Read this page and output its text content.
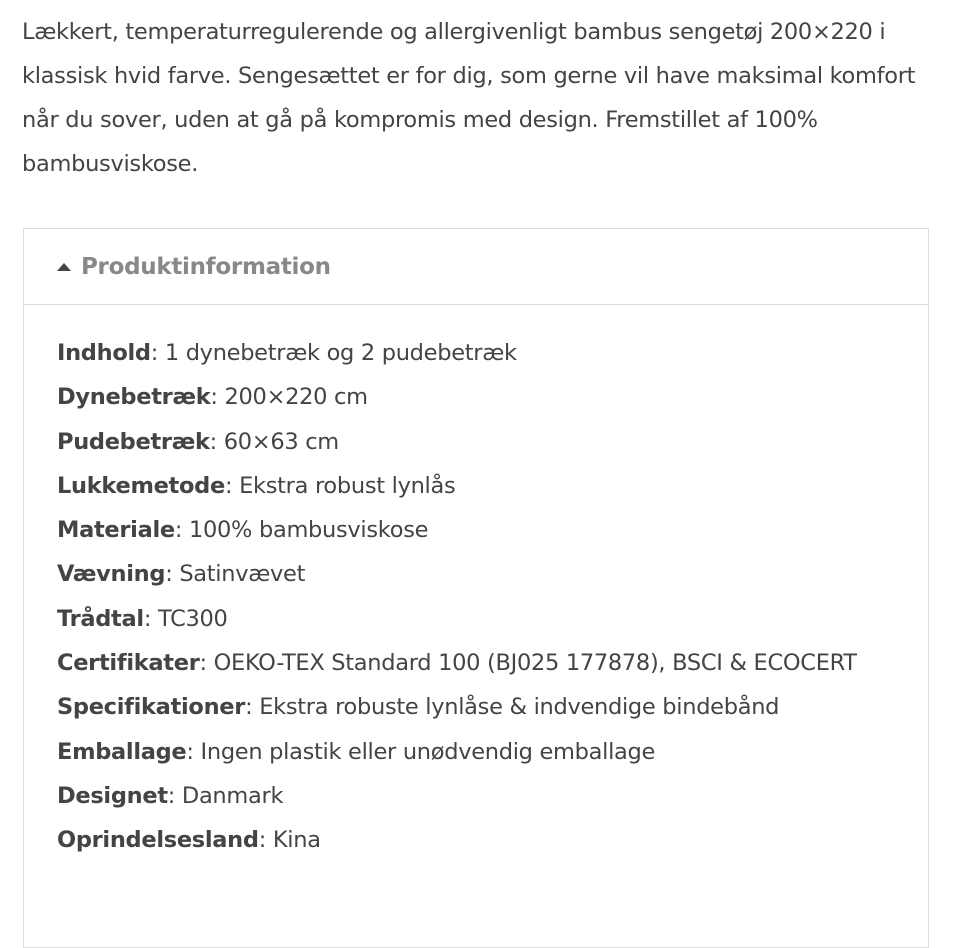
Lækkert, temperaturregulerende og allergivenligt bambus sengetøj 200×220 i klassisk hvid farve. Sengesættet er for dig, som gerne vil have maksimal komfort når du sover, uden at gå på kompromis med design. Fremstillet af 100% bambusviskose.

Produktinformation
Indhold: 1 dynebetræk og 2 pudebetræk
Dynebetræk: 200×220 cm
Pudebetræk: 60×63 cm
Lukkemetode: Ekstra robust lynlås
Materiale: 100% bambusviskose
Vævning: Satinvævet
Trådtal: TC300
Certifikater: OEKO-TEX Standard 100 (BJ025 177878), BSCI & ECOCERT
Specifikationer: Ekstra robuste lynlåse & indvendige bindebånd
Emballage: Ingen plastik eller unødvendig emballage
Designet: Danmark
Oprindelsesland: Kina
